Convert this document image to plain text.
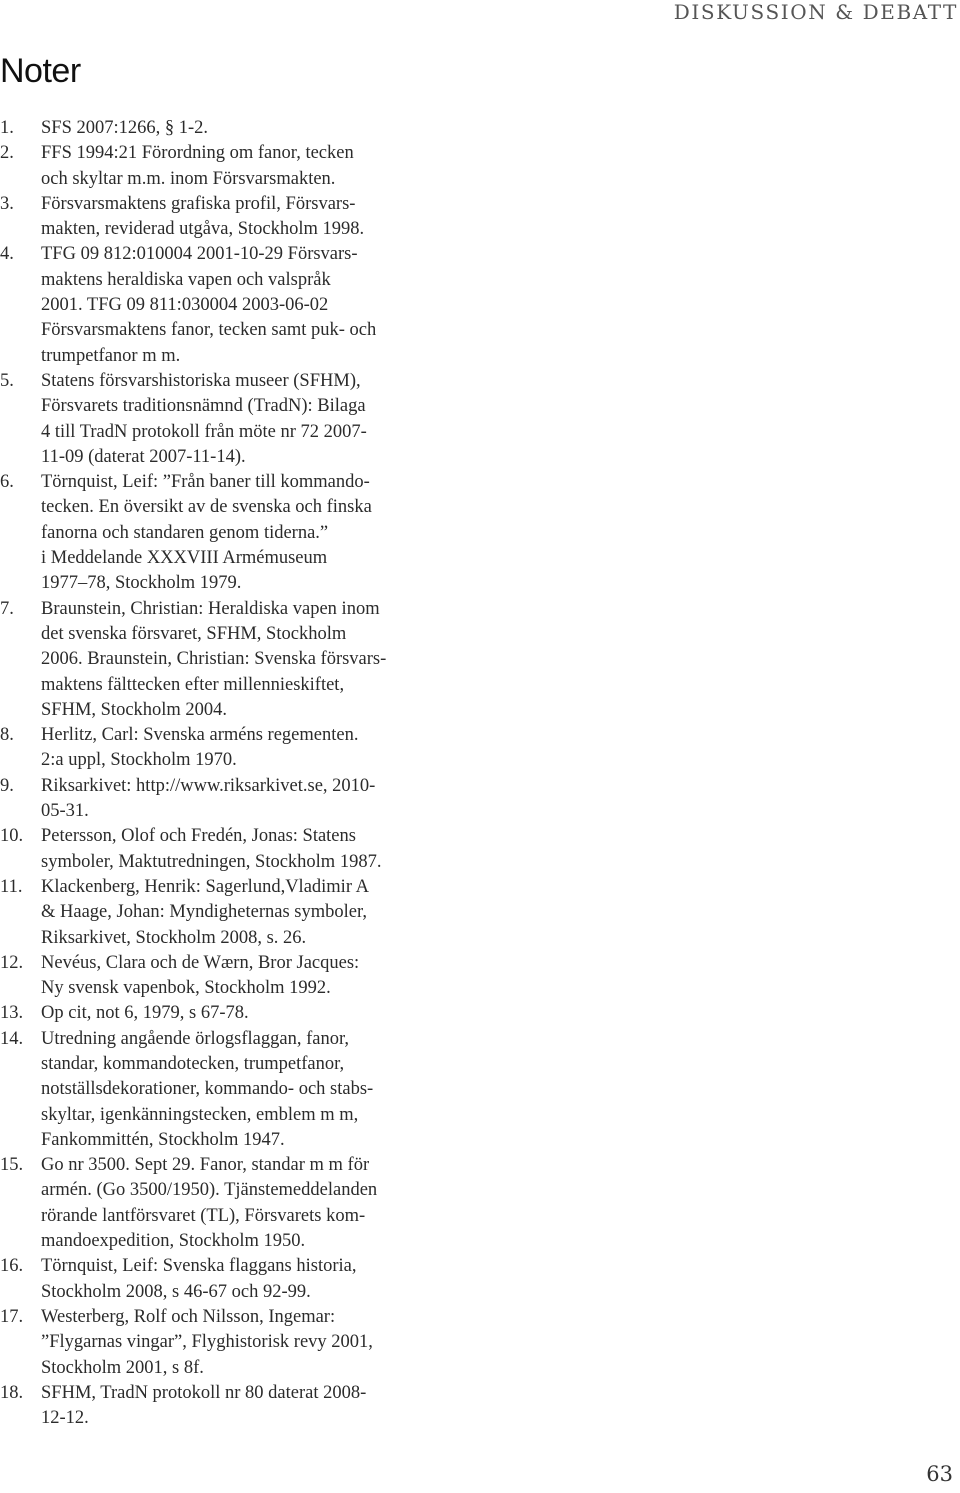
DISKUSSION & DEBATT
Noter
1. SFS 2007:1266, § 1-2.
2. FFS 1994:21 Förordning om fanor, tecken
och skyltar m.m. inom Försvarsmakten.
3. Försvarsmaktens grafiska profil, Försvars-
makten, reviderad utgåva, Stockholm 1998.
4. TFG 09 812:010004 2001-10-29 Försvars-
maktens heraldiska vapen och valspråk
2001. TFG 09 811:030004 2003-06-02
Försvarsmaktens fanor, tecken samt puk- och
trumpetfanor m m.
5. Statens försvarshistoriska museer (SFHM),
Försvarets traditionsnämnd (TradN): Bilaga
4 till TradN protokoll från möte nr 72 2007-
11-09 (daterat 2007-11-14).
6. Törnquist, Leif: ”Från baner till kommando-
tecken. En översikt av de svenska och finska
fanorna och standaren genom tiderna.”
i Meddelande XXXVIII Armémuseum
1977–78, Stockholm 1979.
7. Braunstein, Christian: Heraldiska vapen inom
det svenska försvaret, SFHM, Stockholm
2006. Braunstein, Christian: Svenska försvars-
maktens fälttecken efter millennieskiftet,
SFHM, Stockholm 2004.
8. Herlitz, Carl: Svenska arméns regementen.
2:a uppl, Stockholm 1970.
9. Riksarkivet: http://www.riksarkivet.se, 2010-
05-31.
10. Petersson, Olof och Fredén, Jonas: Statens
symboler, Maktutredningen, Stockholm 1987.
11. Klackenberg, Henrik: Sagerlund,Vladimir A
& Haage, Johan: Myndigheternas symboler,
Riksarkivet, Stockholm 2008, s. 26.
12. Nevéus, Clara och de Wærn, Bror Jacques:
Ny svensk vapenbok, Stockholm 1992.
13. Op cit, not 6, 1979, s 67-78.
14. Utredning angående örlogsflaggan, fanor,
standar, kommandotecken, trumpetfanor,
notställsdekorationer, kommando- och stabs-
skyltar, igenkänningstecken, emblem m m,
Fankommittén, Stockholm 1947.
15. Go nr 3500. Sept 29. Fanor, standar m m för
armén. (Go 3500/1950). Tjänstemeddelanden
rörande lantförsvaret (TL), Försvarets kom-
mandoexpedition, Stockholm 1950.
16. Törnquist, Leif: Svenska flaggans historia,
Stockholm 2008, s 46-67 och 92-99.
17. Westerberg, Rolf och Nilsson, Ingemar:
”Flygarnas vingar”, Flyghistorisk revy 2001,
Stockholm 2001, s 8f.
18. SFHM, TradN protokoll nr 80 daterat 2008-
12-12.
63
